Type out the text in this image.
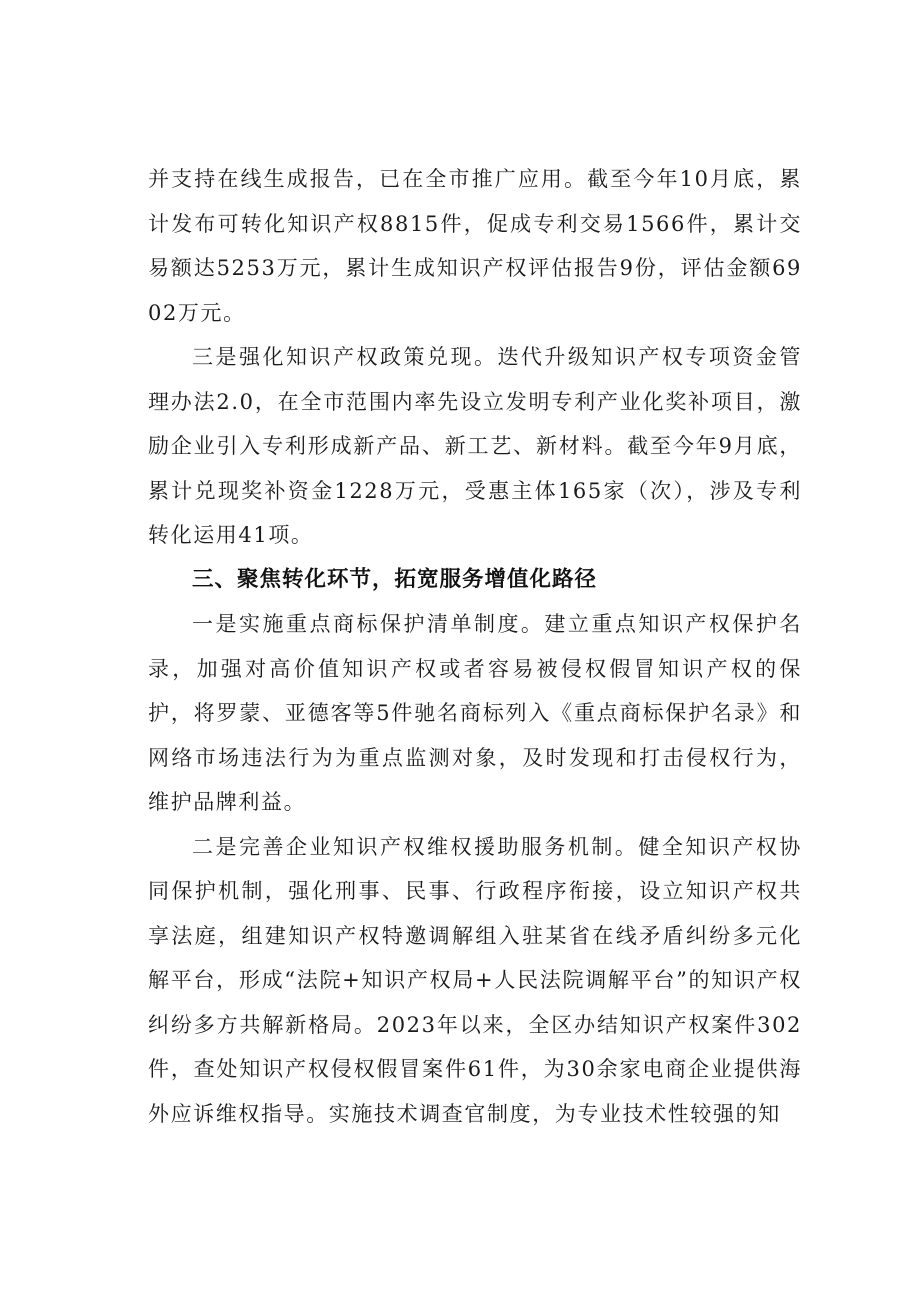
并支持在线生成报告，已在全市推广应用。截至今年10月底，累计发布可转化知识产权8815件，促成专利交易1566件，累计交易额达5253万元，累计生成知识产权评估报告9份，评估金额6902万元。

三是强化知识产权政策兑现。迭代升级知识产权专项资金管理办法2.0，在全市范围内率先设立发明专利产业化奖补项目，激励企业引入专利形成新产品、新工艺、新材料。截至今年9月底，累计兑现奖补资金1228万元，受惠主体165家（次），涉及专利转化运用41项。

三、聚焦转化环节，拓宽服务增值化路径

一是实施重点商标保护清单制度。建立重点知识产权保护名录，加强对高价值知识产权或者容易被侵权假冒知识产权的保护，将罗蒙、亚德客等5件驰名商标列入《重点商标保护名录》和网络市场违法行为为重点监测对象，及时发现和打击侵权行为，维护品牌利益。

二是完善企业知识产权维权援助服务机制。健全知识产权协同保护机制，强化刑事、民事、行政程序衔接，设立知识产权共享法庭，组建知识产权特邀调解组入驻某省在线矛盾纠纷多元化解平台，形成“法院+知识产权局+人民法院调解平台”的知识产权纠纷多方共解新格局。2023年以来，全区办结知识产权案件302件，查处知识产权侵权假冒案件61件，为30余家电商企业提供海外应诉维权指导。实施技术调查官制度，为专业技术性较强的知
